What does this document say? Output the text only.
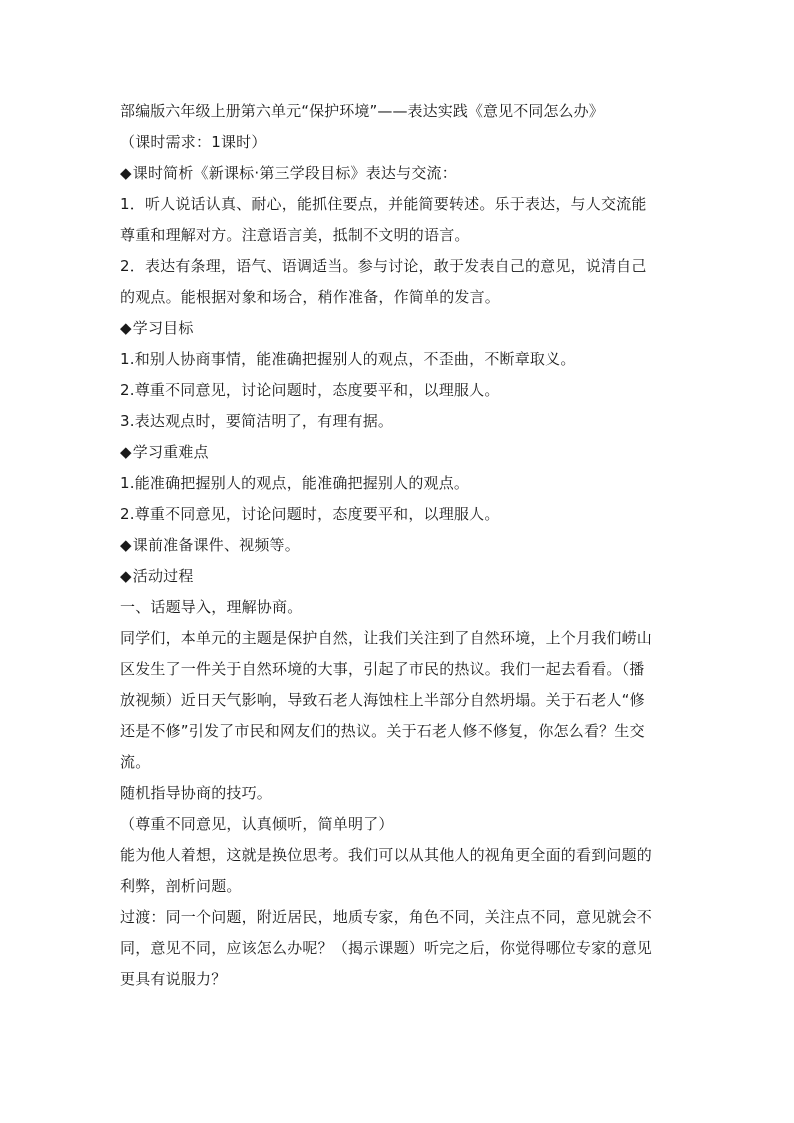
部编版六年级上册第六单元“保护环境”——表达实践《意见不同怎么办》
（课时需求：1课时）
◆ 课时简析《新课标·第三学段目标》表达与交流：
1．听人说话认真、耐心，能抓住要点，并能简要转述。乐于表达，与人交流能
尊重和理解对方。注意语言美，抵制不文明的语言。
2．表达有条理，语气、语调适当。参与讨论，敢于发表自己的意见，说清自己
的观点。能根据对象和场合，稍作准备，作简单的发言。
◆ 学习目标
1.和别人协商事情，能准确把握别人的观点，不歪曲，不断章取义。
2.尊重不同意见，讨论问题时，态度要平和，以理服人。
3.表达观点时，要简洁明了，有理有据。
◆ 学习重难点
1.能准确把握别人的观点，能准确把握别人的观点。
2.尊重不同意见，讨论问题时，态度要平和，以理服人。
◆ 课前准备课件、视频等。
◆ 活动过程
一、话题导入，理解协商。
同学们，本单元的主题是保护自然，让我们关注到了自然环境，上个月我们崂山
区发生了一件关于自然环境的大事，引起了市民的热议。我们一起去看看。（播
放视频）近日天气影响，导致石老人海蚀柱上半部分自然坍塌。关于石老人“修
还是不修”引发了市民和网友们的热议。关于石老人修不修复，你怎么看？生交
流。
随机指导协商的技巧。
（尊重不同意见，认真倾听，简单明了）
能为他人着想，这就是换位思考。我们可以从其他人的视角更全面的看到问题的
利弊，剖析问题。
过渡：同一个问题，附近居民，地质专家，角色不同，关注点不同，意见就会不
同，意见不同，应该怎么办呢？（揭示课题）听完之后，你觉得哪位专家的意见
更具有说服力？
